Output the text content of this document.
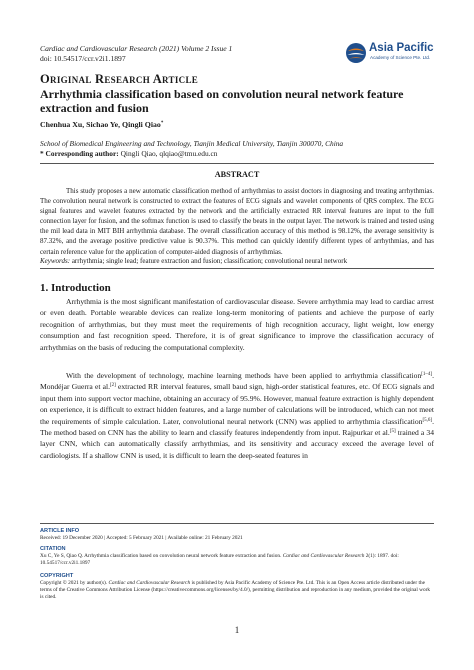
Cardiac and Cardiovascular Research (2021) Volume 2 Issue 1
doi: 10.54517/ccr.v2i1.1897
Asia Pacific
Academy of Science Pte. Ltd.
Original Research Article
Arrhythmia classification based on convolution neural network feature extraction and fusion
Chenhua Xu, Sichao Ye, Qingli Qiao*
School of Biomedical Engineering and Technology, Tianjin Medical University, Tianjin 300070, China
* Corresponding author: Qingli Qiao, qlqiao@tmu.edu.cn
ABSTRACT
This study proposes a new automatic classification method of arrhythmias to assist doctors in diagnosing and treating arrhythmias. The convolution neural network is constructed to extract the features of ECG signals and wavelet components of QRS complex. The ECG signal features and wavelet features extracted by the network and the artificially extracted RR interval features are input to the full connection layer for fusion, and the softmax function is used to classify the beats in the output layer. The network is trained and tested using the mil lead data in MIT BIH arrhythmia database. The overall classification accuracy of this method is 98.12%, the average sensitivity is 87.32%, and the average positive predictive value is 90.37%. This method can quickly identify different types of arrhythmias, and has certain reference value for the application of computer-aided diagnosis of arrhythmias.
Keywords: arrhythmia; single lead; feature extraction and fusion; classification; convolutional neural network
1. Introduction
Arrhythmia is the most significant manifestation of cardiovascular disease. Severe arrhythmia may lead to cardiac arrest or even death. Portable wearable devices can realize long-term monitoring of patients and achieve the purpose of early recognition of arrhythmias, but they must meet the requirements of high recognition accuracy, light weight, low energy consumption and fast recognition speed. Therefore, it is of great significance to improve the classification accuracy of arrhythmias on the basis of reducing the computational complexity.
With the development of technology, machine learning methods have been applied to arrhythmia classification[1–4]. Mondéjar Guerra et al.[2] extracted RR interval features, small baud sign, high-order statistical features, etc. Of ECG signals and input them into support vector machine, obtaining an accuracy of 95.9%. However, manual feature extraction is highly dependent on experience, it is difficult to extract hidden features, and a large number of calculations will be introduced, which can not meet the requirements of simple calculation. Later, convolutional neural network (CNN) was applied to arrhythmia classification[5,6]. The method based on CNN has the ability to learn and classify features independently from input. Rajpurkar et al.[5] trained a 34 layer CNN, which can automatically classify arrhythmias, and its sensitivity and accuracy exceed the average level of cardiologists. If a shallow CNN is used, it is difficult to learn the deep-seated features in
ARTICLE INFO
Received: 19 December 2020 | Accepted: 5 February 2021 | Available online: 21 February 2021
CITATION
Xu C, Ye S, Qiao Q. Arrhythmia classification based on convolution neural network feature extraction and fusion. Cardiac and Cardiovascular Research 2(1): 1897. doi: 10.54517/ccr.v2i1.1897
COPYRIGHT
Copyright © 2021 by author(s). Cardiac and Cardiovascular Research is published by Asia Pacific Academy of Science Pte. Ltd. This is an Open Access article distributed under the terms of the Creative Commons Attribution License (https://creativecommons.org/licenses/by/4.0/), permitting distribution and reproduction in any medium, provided the original work is cited.
1
